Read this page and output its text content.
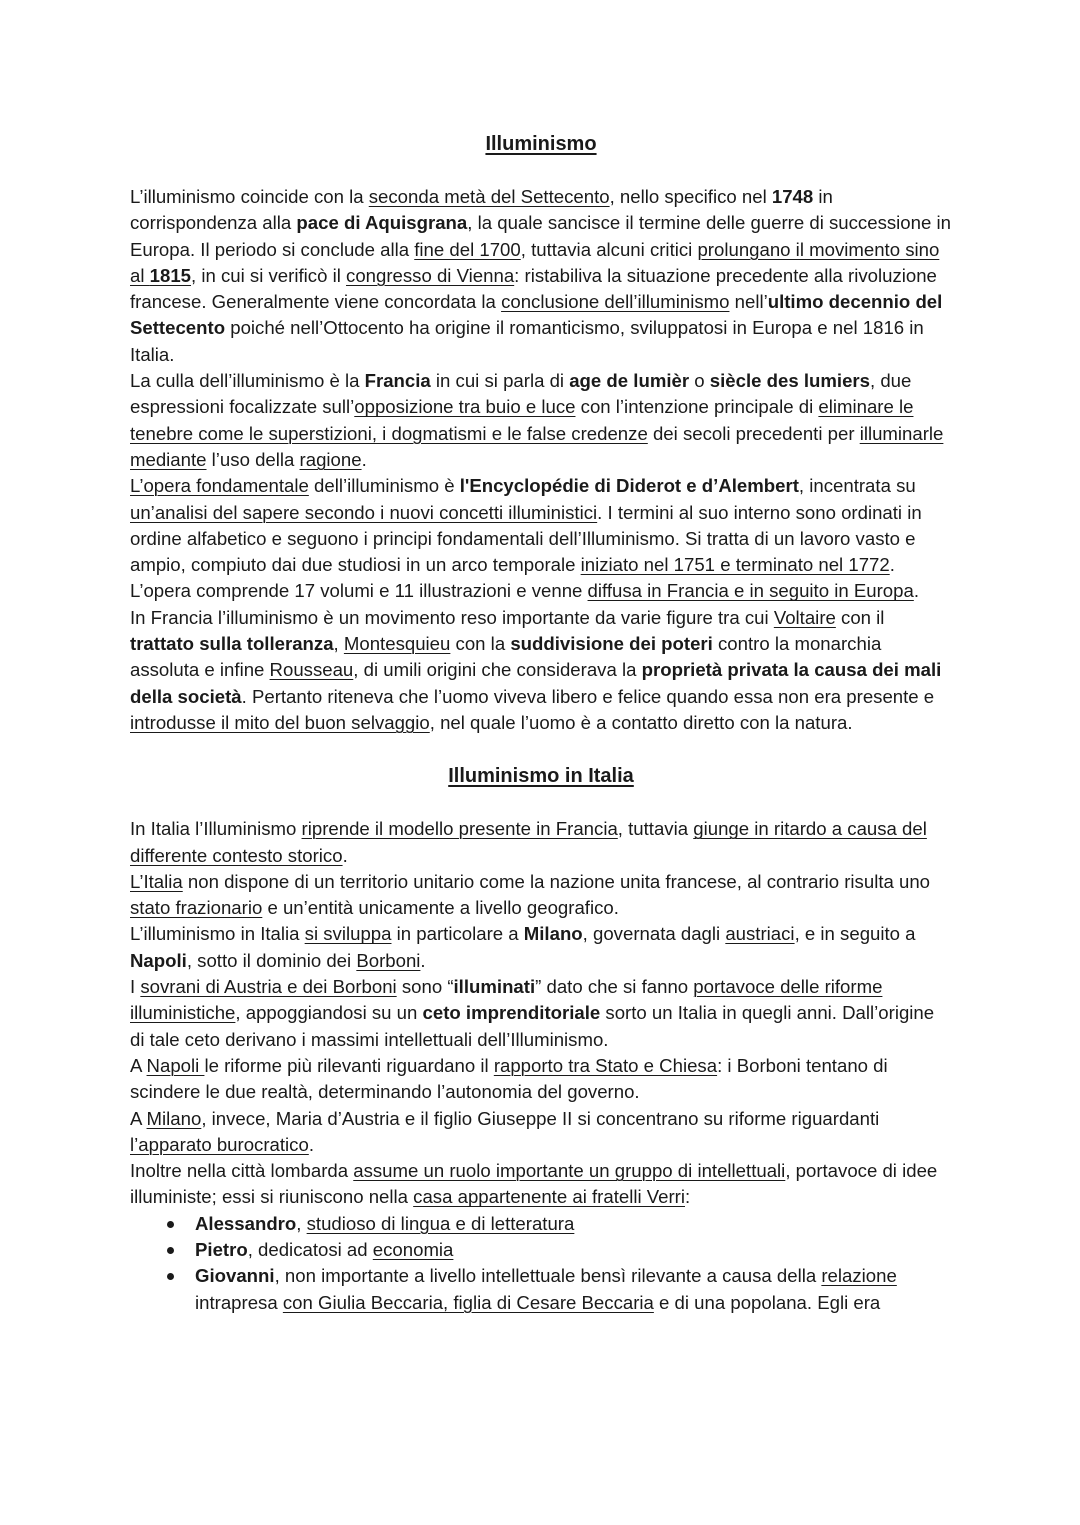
Illuminismo

L’illuminismo coincide con la seconda metà del Settecento, nello specifico nel 1748 in corrispondenza alla pace di Aquisgrana, la quale sancisce il termine delle guerre di successione in Europa. Il periodo si conclude alla fine del 1700, tuttavia alcuni critici prolungano il movimento sino al 1815, in cui si verificò il congresso di Vienna: ristabiliva la situazione precedente alla rivoluzione francese. Generalmente viene concordata la conclusione dell’illuminismo nell’ultimo decennio del Settecento poiché nell’Ottocento ha origine il romanticismo, sviluppatosi in Europa e nel 1816 in Italia.

La culla dell’illuminismo è la Francia in cui si parla di age de lumièr o siècle des lumiers, due espressioni focalizzate sull’opposizione tra buio e luce con l’intenzione principale di eliminare le tenebre come le superstizioni, i dogmatismi e le false credenze dei secoli precedenti per illuminarle mediante l’uso della ragione.

L’opera fondamentale dell’illuminismo è l'Encyclopédie di Diderot e d’Alembert, incentrata su un’analisi del sapere secondo i nuovi concetti illuministici. I termini al suo interno sono ordinati in ordine alfabetico e seguono i principi fondamentali dell’Illuminismo. Si tratta di un lavoro vasto e ampio, compiuto dai due studiosi in un arco temporale iniziato nel 1751 e terminato nel 1772. L’opera comprende 17 volumi e 11 illustrazioni e venne diffusa in Francia e in seguito in Europa.

In Francia l’illuminismo è un movimento reso importante da varie figure tra cui Voltaire con il trattato sulla tolleranza, Montesquieu con la suddivisione dei poteri contro la monarchia assoluta e infine Rousseau, di umili origini che considerava la proprietà privata la causa dei mali della società. Pertanto riteneva che l’uomo viveva libero e felice quando essa non era presente e introdusse il mito del buon selvaggio, nel quale l’uomo è a contatto diretto con la natura.

Illuminismo in Italia

In Italia l’Illuminismo riprende il modello presente in Francia, tuttavia giunge in ritardo a causa del differente contesto storico.

L’Italia non dispone di un territorio unitario come la nazione unita francese, al contrario risulta uno stato frazionario e un’entità unicamente a livello geografico.

L’illuminismo in Italia si sviluppa in particolare a Milano, governata dagli austriaci, e in seguito a Napoli, sotto il dominio dei Borboni.

I sovrani di Austria e dei Borboni sono “illuminati” dato che si fanno portavoce delle riforme illuministiche, appoggiandosi su un ceto imprenditoriale sorto un Italia in quegli anni. Dall’origine di tale ceto derivano i massimi intellettuali dell’Illuminismo.

A Napoli le riforme più rilevanti riguardano il rapporto tra Stato e Chiesa: i Borboni tentano di scindere le due realtà, determinando l’autonomia del governo.

A Milano, invece, Maria d’Austria e il figlio Giuseppe II si concentrano su riforme riguardanti l’apparato burocratico.

Inoltre nella città lombarda assume un ruolo importante un gruppo di intellettuali, portavoce di idee illuministe; essi si riuniscono nella casa appartenente ai fratelli Verri:

Alessandro, studioso di lingua e di letteratura
Pietro, dedicatosi ad economia
Giovanni, non importante a livello intellettuale bensì rilevante a causa della relazione intrapresa con Giulia Beccaria, figlia di Cesare Beccaria e di una popolana. Egli era
